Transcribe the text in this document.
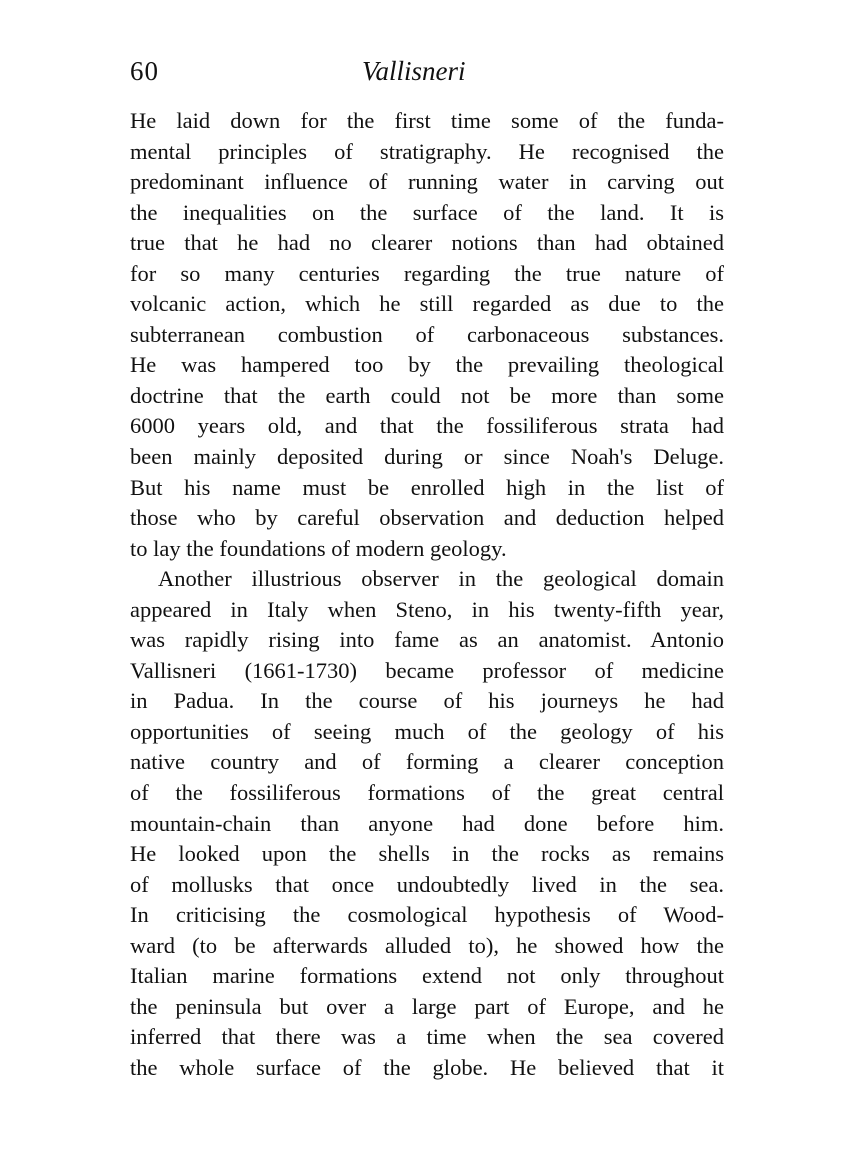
60	Vallisneri
He laid down for the first time some of the funda-
mental principles of stratigraphy. He recognised the
predominant influence of running water in carving out
the inequalities on the surface of the land. It is
true that he had no clearer notions than had obtained
for so many centuries regarding the true nature of
volcanic action, which he still regarded as due to the
subterranean combustion of carbonaceous substances.
He was hampered too by the prevailing theological
doctrine that the earth could not be more than some
6000 years old, and that the fossiliferous strata had
been mainly deposited during or since Noah's Deluge.
But his name must be enrolled high in the list of
those who by careful observation and deduction helped
to lay the foundations of modern geology.
Another illustrious observer in the geological domain
appeared in Italy when Steno, in his twenty-fifth year,
was rapidly rising into fame as an anatomist. Antonio
Vallisneri (1661-1730) became professor of medicine
in Padua. In the course of his journeys he had
opportunities of seeing much of the geology of his
native country and of forming a clearer conception
of the fossiliferous formations of the great central
mountain-chain than anyone had done before him.
He looked upon the shells in the rocks as remains
of mollusks that once undoubtedly lived in the sea.
In criticising the cosmological hypothesis of Wood-
ward (to be afterwards alluded to), he showed how the
Italian marine formations extend not only throughout
the peninsula but over a large part of Europe, and he
inferred that there was a time when the sea covered
the whole surface of the globe. He believed that it
